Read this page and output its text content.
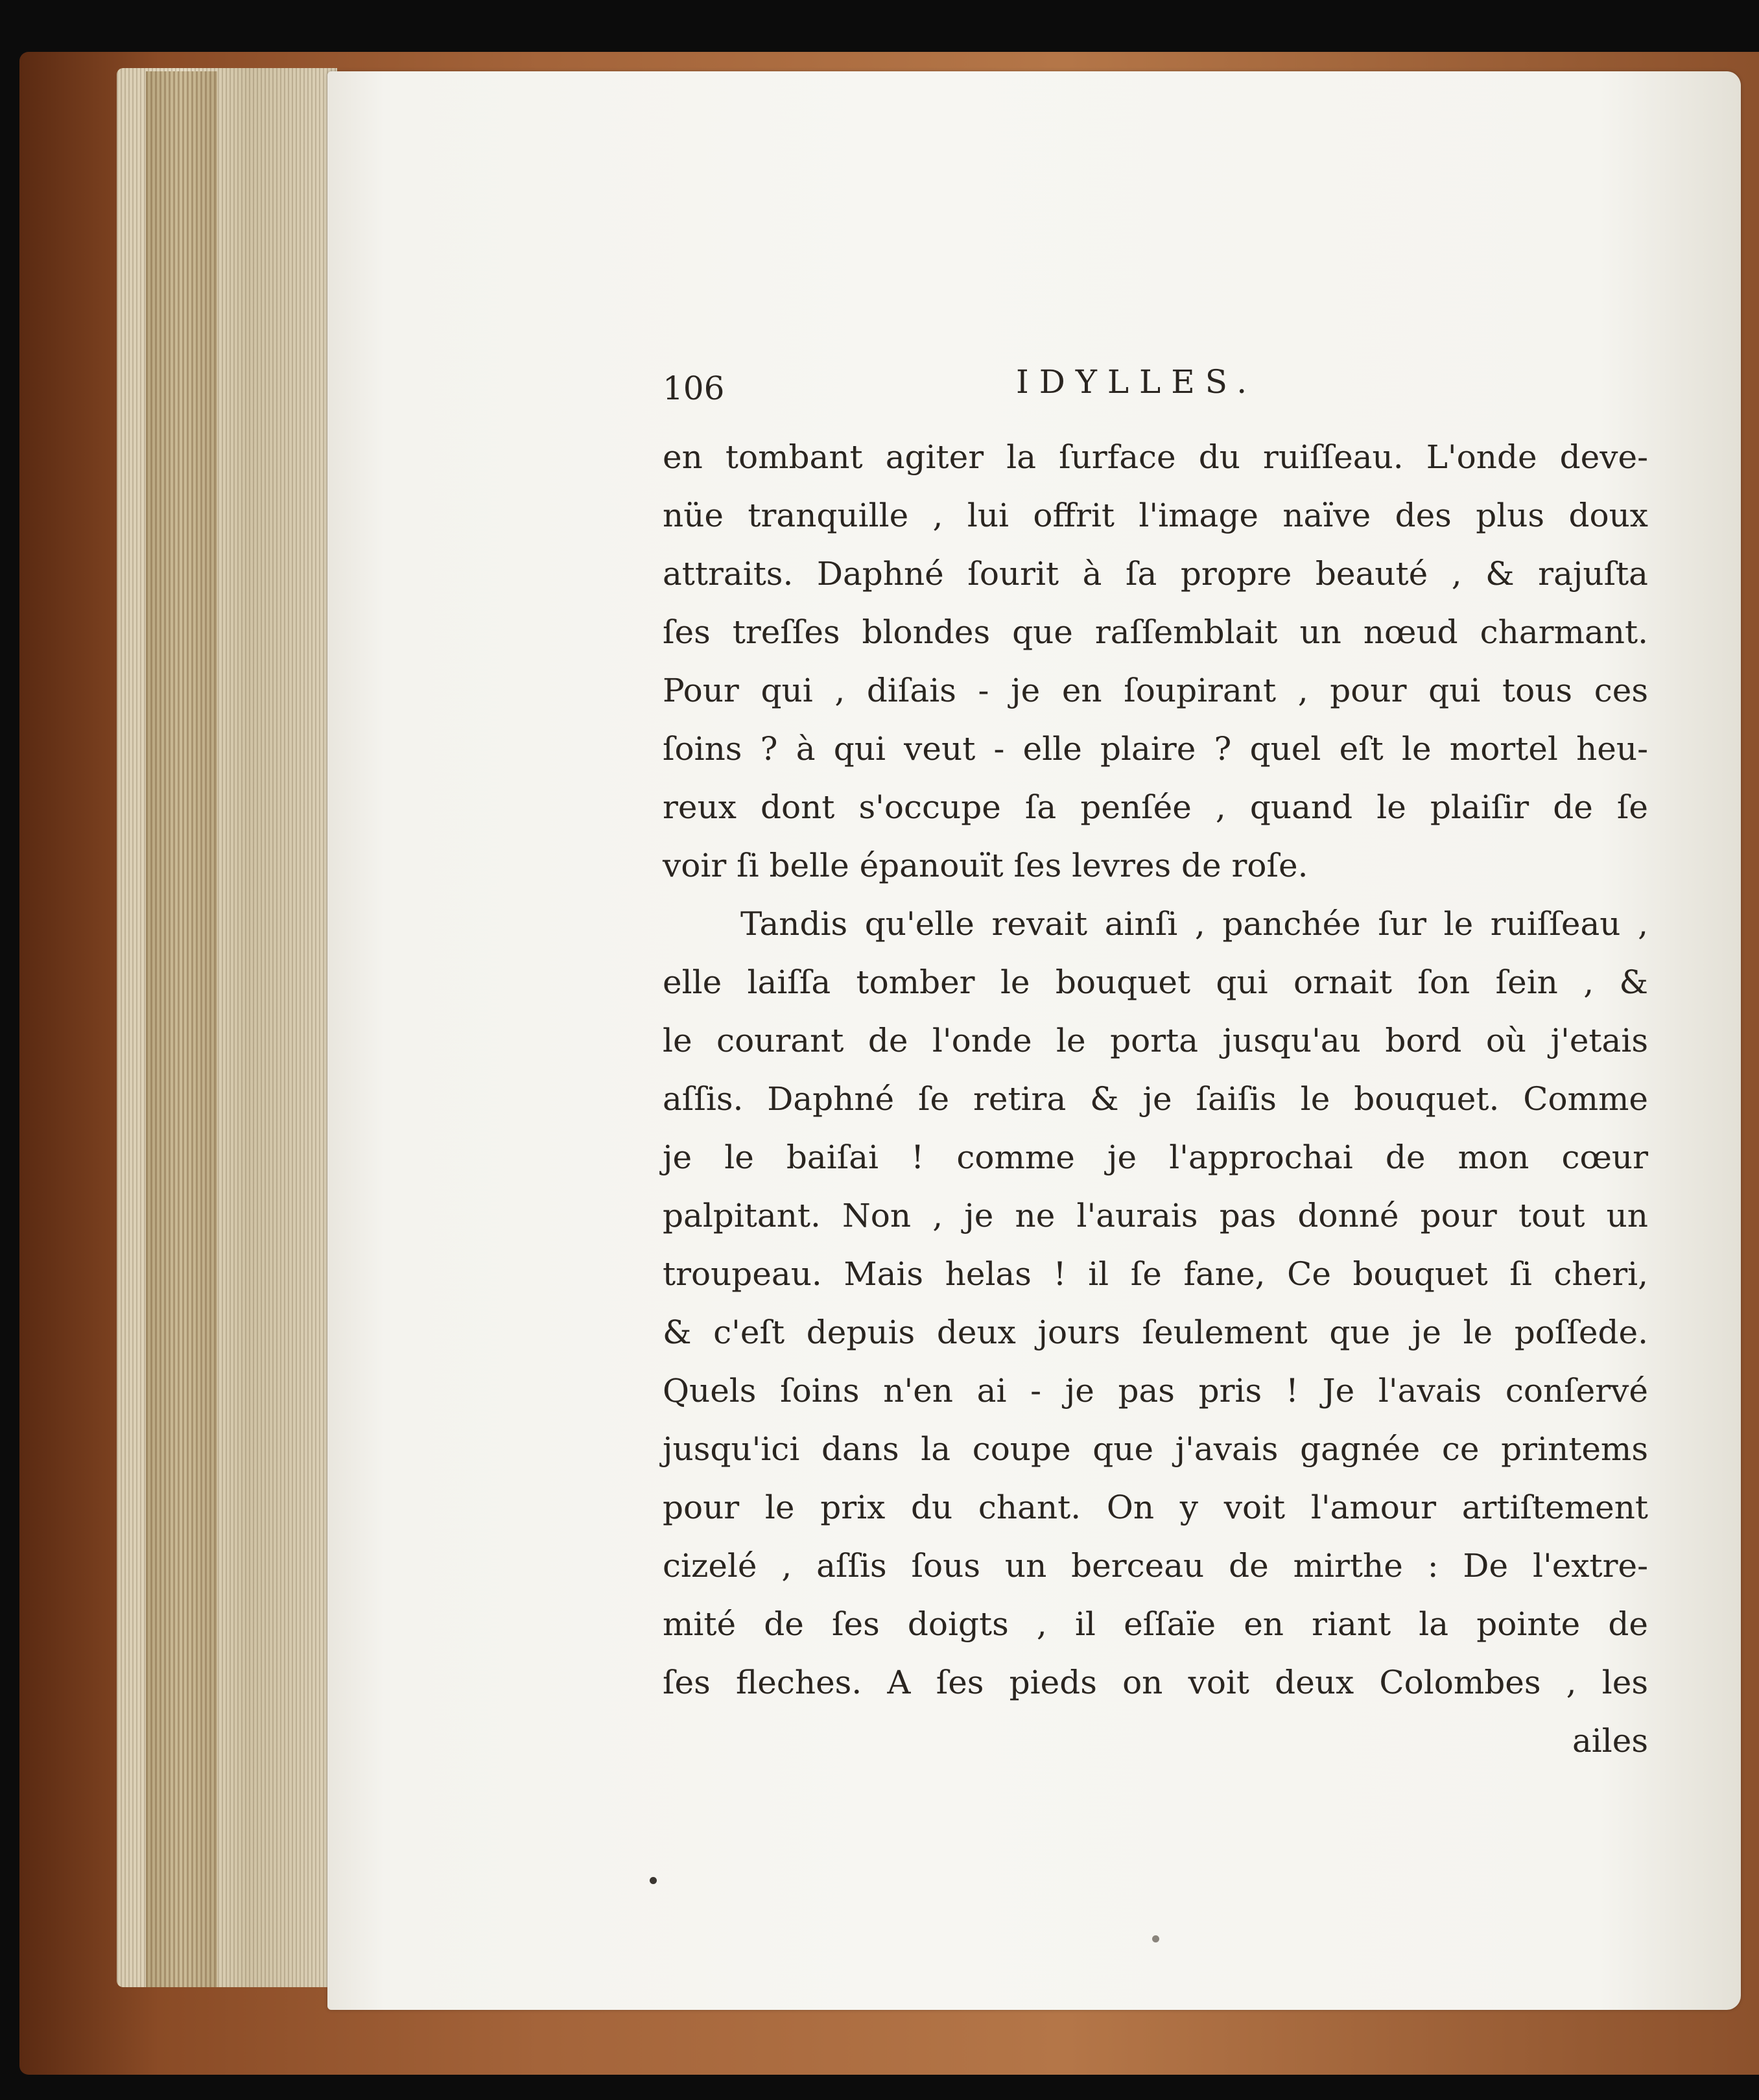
106	IDYLLES.
en tombant agiter la ſurface du ruiſſeau. L'onde deve-
nüe tranquille , lui offrit l'image naïve des plus doux
attraits. Daphné ſourit à ſa propre beauté , & rajuſta
ſes treſſes blondes que raſſemblait un nœud charmant.
Pour qui , diſais - je en ſoupirant , pour qui tous ces
ſoins ? à qui veut - elle plaire ? quel eſt le mortel heu-
reux dont s'occupe ſa penſée , quand le plaiſir de ſe
voir ſi belle épanouït ſes levres de roſe.
Tandis qu'elle revait ainſi , panchée ſur le ruiſſeau ,
elle laiſſa tomber le bouquet qui ornait ſon ſein , &
le courant de l'onde le porta jusqu'au bord où j'etais
aſſis. Daphné ſe retira & je ſaiſis le bouquet. Comme
je le baiſai ! comme je l'approchai de mon cœur
palpitant. Non , je ne l'aurais pas donné pour tout un
troupeau. Mais helas ! il ſe fane, Ce bouquet ſi cheri,
& c'eſt depuis deux jours ſeulement que je le poſſede.
Quels ſoins n'en ai - je pas pris ! Je l'avais conſervé
jusqu'ici dans la coupe que j'avais gagnée ce printems
pour le prix du chant. On y voit l'amour artiſtement
cizelé , aſſis ſous un berceau de mirthe : De l'extre-
mité de ſes doigts , il eſſaïe en riant la pointe de
ſes fleches. A ſes pieds on voit deux Colombes , les
ailes
